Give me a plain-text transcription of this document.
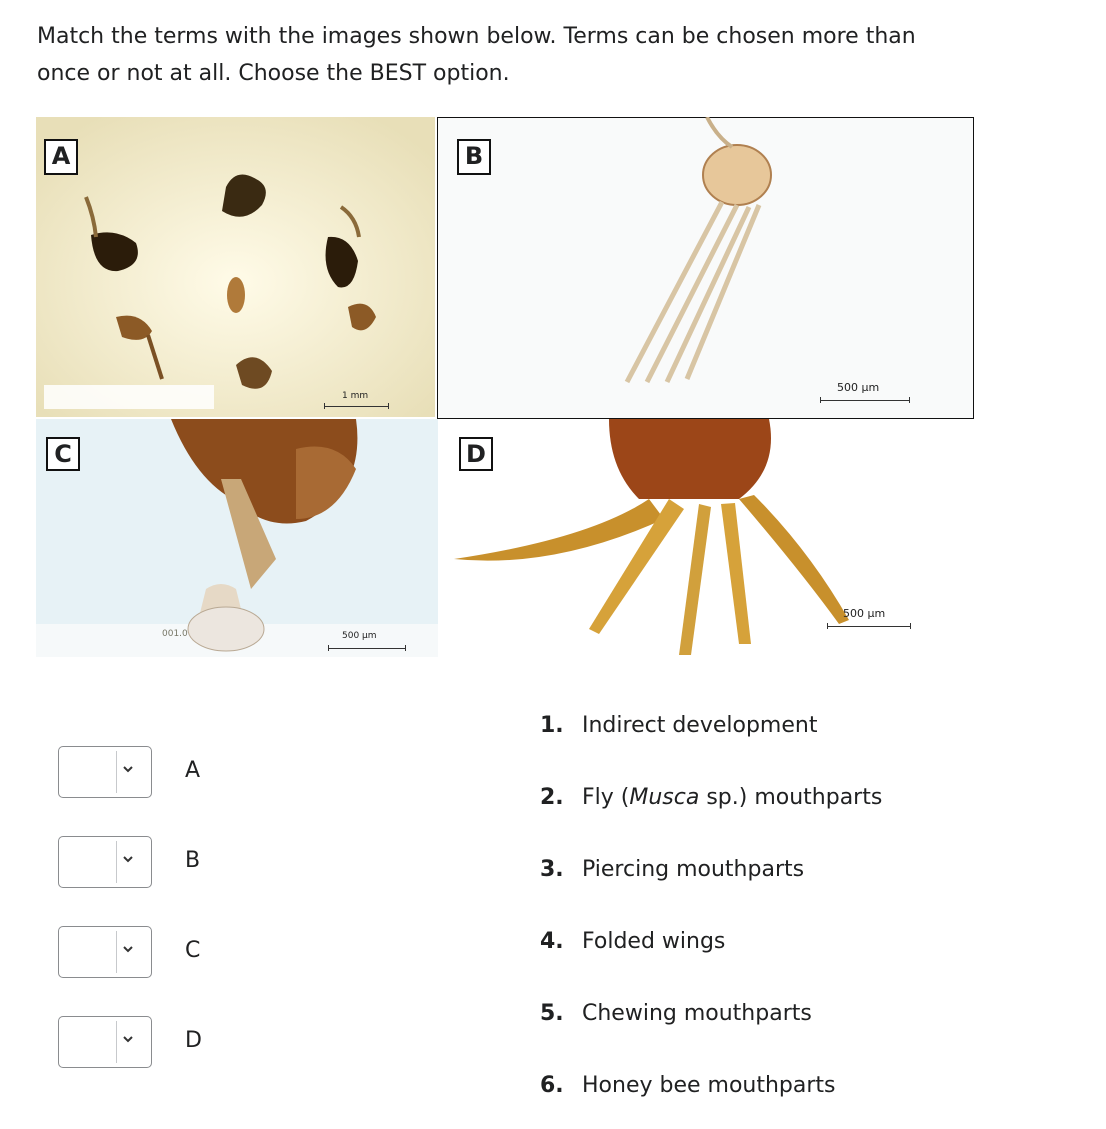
Match the terms with the images shown below. Terms can be chosen more than
once or not at all. Choose the BEST option.
A
1 mm
B
500 µm
C
001.0	500 µm
D
500 µm
A
B
C
D
1. Indirect development
2. Fly (Musca sp.) mouthparts
3. Piercing mouthparts
4. Folded wings
5. Chewing mouthparts
6. Honey bee mouthparts
